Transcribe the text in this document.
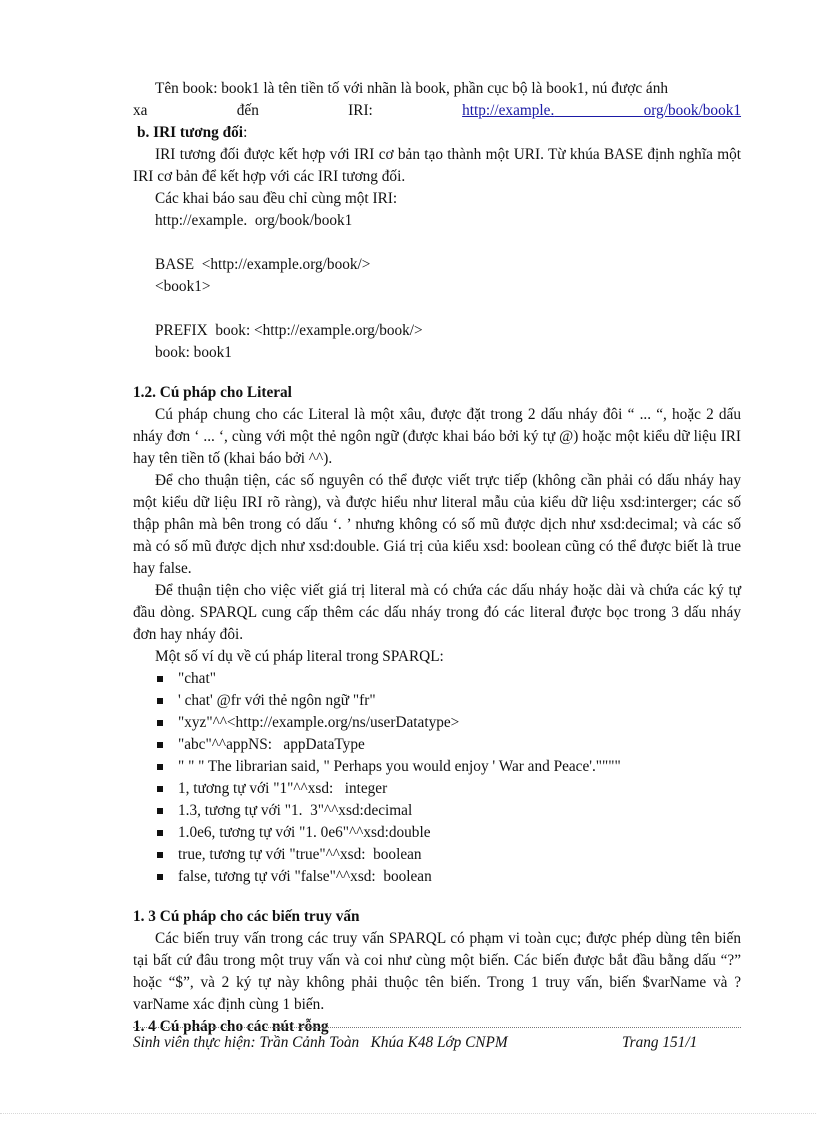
Tên book: book1 là tên tiền tố với nhãn là book, phần cục bộ là book1, nú được ánh

xa	đến	IRI:	http://example.	org/book/book1

b. IRI tương đối:

IRI tương đối được kết hợp với IRI cơ bản tạo thành một URI. Từ khúa BASE định nghĩa một IRI cơ bản để kết hợp với các IRI tương đối.

Các khai báo sau đều chỉ cùng một IRI:

http://example.  org/book/book1

BASE  <http://example.org/book/>

<book1>

PREFIX  book: <http://example.org/book/>

book: book1

1.2. Cú pháp cho Literal

Cú pháp chung cho các Literal là một xâu, được đặt trong 2 dấu nháy đôi “ ... “, hoặc 2 dấu nháy đơn ‘ ... ‘, cùng với một thẻ ngôn ngữ (được khai báo bởi ký tự @) hoặc một kiểu dữ liệu IRI hay tên tiền tố (khai báo bởi ^^).

Để cho thuận tiện, các số nguyên có thể được viết trực tiếp (không cần phải có dấu nháy hay một kiểu dữ liệu IRI rõ ràng), và được hiểu như literal mẫu của kiểu dữ liệu xsd:interger; các số thập phân mà bên trong có dấu ‘. ’ nhưng không có số mũ được dịch như xsd:decimal; và các số mà có số mũ được dịch như xsd:double. Giá trị của kiểu xsd: boolean cũng có thể được biết là true hay false.

Để thuận tiện cho việc viết giá trị literal mà có chứa các dấu nháy hoặc dài và chứa các ký tự đầu dòng. SPARQL cung cấp thêm các dấu nháy trong đó các literal được bọc trong 3 dấu nháy đơn hay nháy đôi.

Một số ví dụ về cú pháp literal trong SPARQL:

"chat"
' chat' @fr với thẻ ngôn ngữ "fr"
"xyz"^^<http://example.org/ns/userDatatype>
"abc"^^appNS:   appDataType
" " " The librarian said, " Perhaps you would enjoy ' War and Peace'.""""
1, tương tự với "1"^^xsd:   integer
1.3, tương tự với "1.  3"^^xsd:decimal
1.0e6, tương tự với "1. 0e6"^^xsd:double
true, tương tự với "true"^^xsd:  boolean
false, tương tự với "false"^^xsd:  boolean

1. 3 Cú pháp cho các biến truy vấn

Các biến truy vấn trong các truy vấn SPARQL có phạm vi toàn cục; được phép dùng tên biến tại bất cứ đâu trong một truy vấn và coi như cùng một biến. Các biến được bắt đầu bằng dấu “?” hoặc “$”, và 2 ký tự này không phải thuộc tên biến. Trong 1 truy vấn, biến $varName và ?varName xác định cùng 1 biến.

1. 4 Cú pháp cho các nút rỗng

Sinh viên thực hiện: Trần Cảnh Toàn   Khúa K48 Lớp CNPM	Trang 151/1
